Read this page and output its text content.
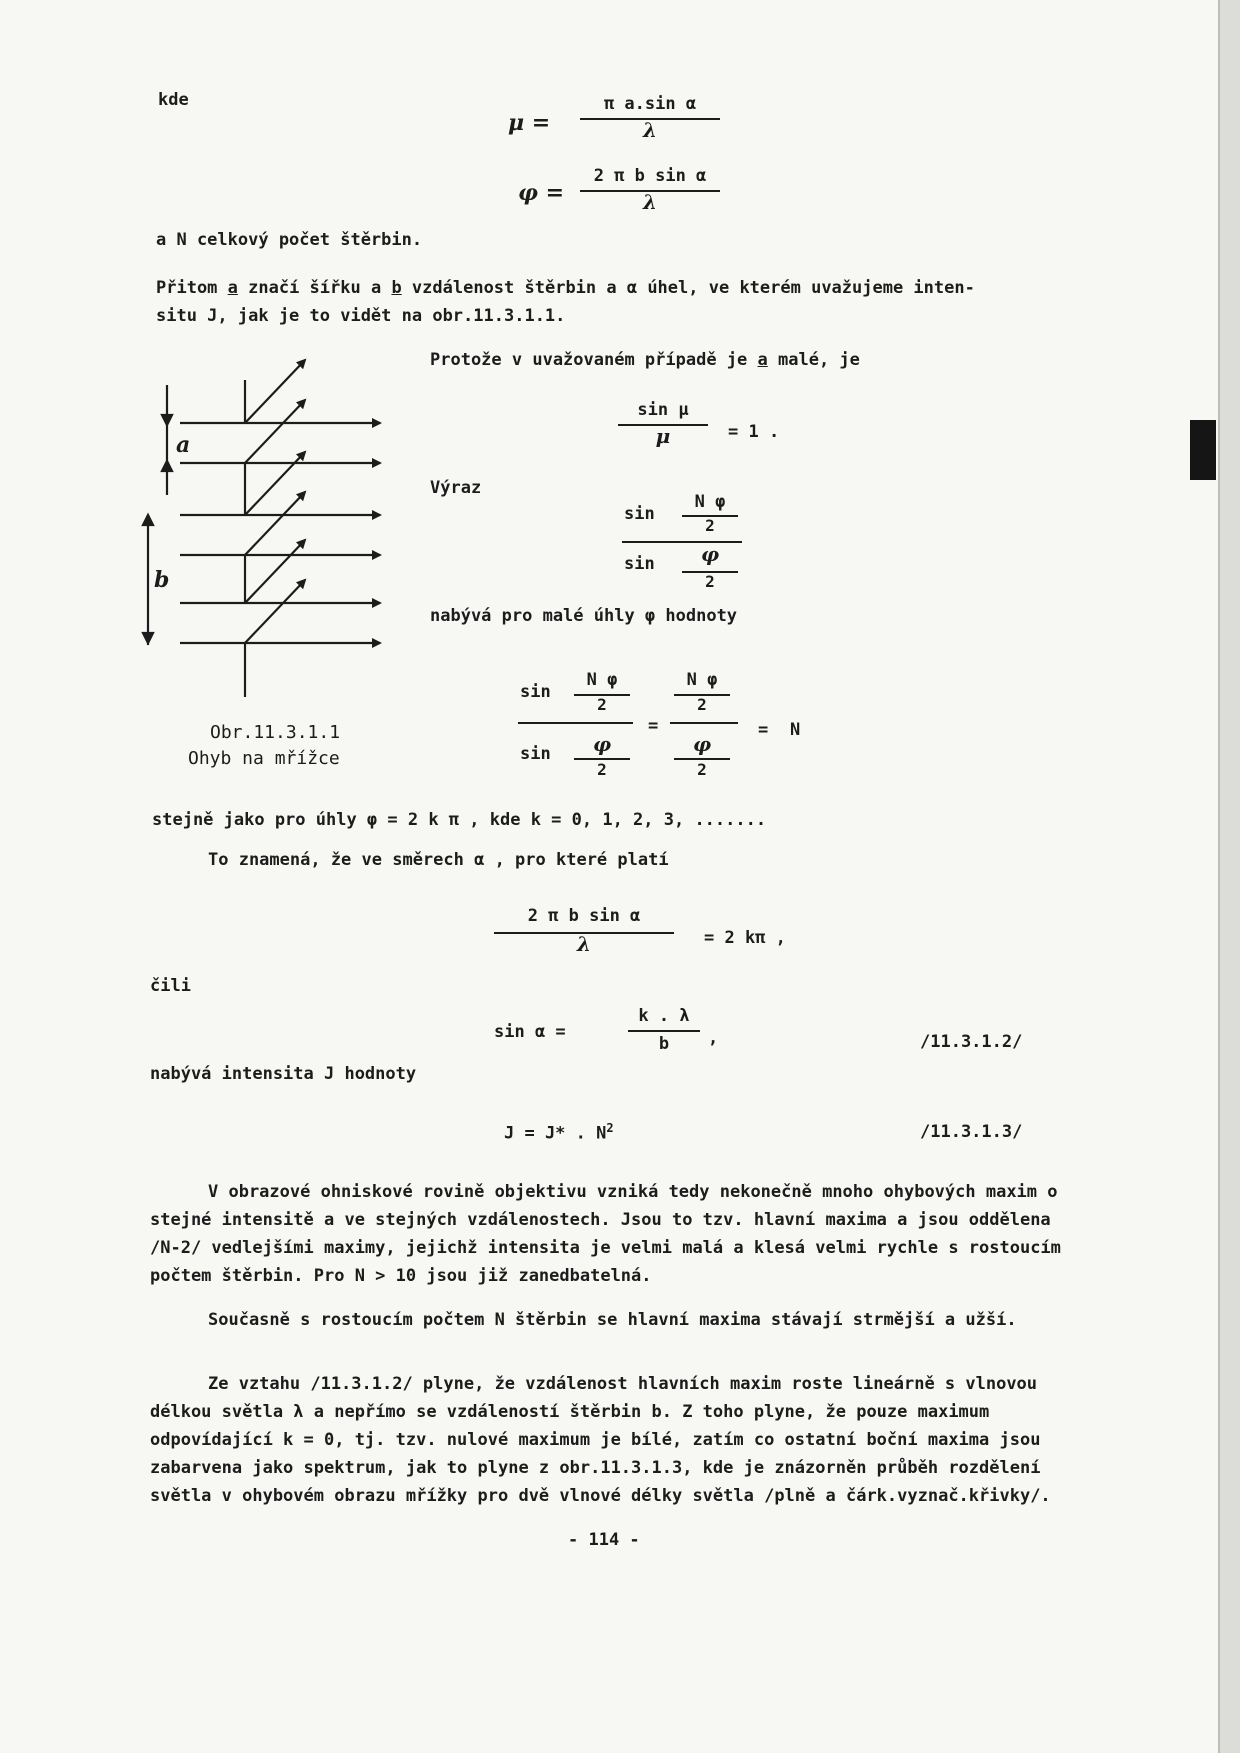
kde
μ =
π a.sin α
λ
φ =
2 π b sin α
λ
a N celkový počet štěrbin.
Přitom a značí šířku a b vzdálenost štěrbin a α úhel, ve kterém uvažujeme inten-
situ J, jak je to vidět na obr.11.3.1.1.
Protože v uvažovaném případě je a malé, je
sin μ
μ	= 1 .
Výraz
sin
N φ
2
sin	φ
2
nabývá pro malé úhly φ hodnoty
sin
N φ
2
sin	φ
2
=
N φ
2
φ
2
= N
a
b
Obr.11.3.1.1
Ohyb na mřížce
stejně jako pro úhly φ = 2 k π , kde k = 0, 1, 2, 3, .......
To znamená, že ve směrech α , pro které platí
2 π b sin α
λ	= 2 kπ ,
čili
sin α =
k . λ
b	,	/11.3.1.2/
nabývá intensita J hodnoty
J = J* . $N^2$	/11.3.1.3/
V obrazové ohniskové rovině objektivu vzniká tedy nekonečně mnoho ohybových maxim o stejné intensitě a ve stejných vzdálenostech. Jsou to tzv. hlavní maxima a jsou oddělena /N-2/ vedlejšími maximy, jejichž intensita je velmi malá a klesá velmi rychle s rostoucím počtem štěrbin. Pro N > 10 jsou již zanedbatelná.
Současně s rostoucím počtem N štěrbin se hlavní maxima stávají strmější a užší.
Ze vztahu /11.3.1.2/ plyne, že vzdálenost hlavních maxim roste lineárně s vlnovou délkou světla λ a nepřímo se vzdáleností štěrbin b. Z toho plyne, že pouze maximum odpovídající k = 0, tj. tzv. nulové maximum je bílé, zatím co ostatní boční maxima jsou zabarvena jako spektrum, jak to plyne z obr.11.3.1.3, kde je znázorněn průběh rozdělení světla v ohybovém obrazu mřížky pro dvě vlnové délky světla /plně a čárk.vyznač.křivky/.
- 114 -
